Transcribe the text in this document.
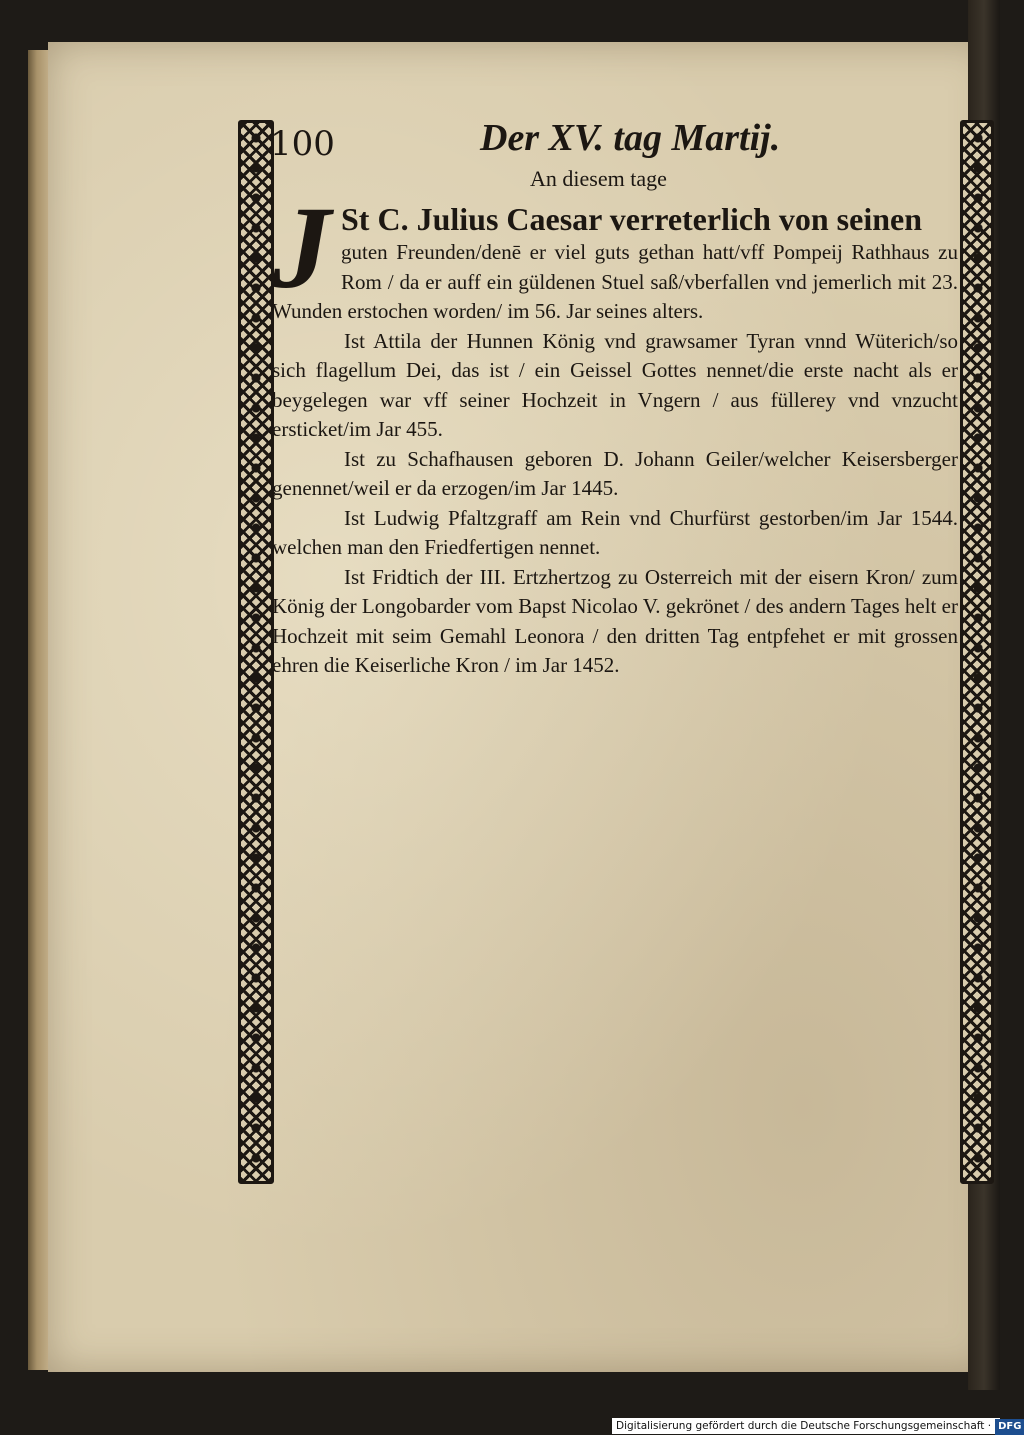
100	Der XV. tag Martij.
An diesem tage
J St C. Julius Caesar verreterlich von seinen

guten Freunden/denē er viel guts gethan hatt/vff Pompeij Rathhaus zu Rom / da er auff ein güldenen Stuel saß/vberfallen vnd jemerlich mit 23. Wunden erstochen worden/ im 56. Jar seines alters.

Ist Attila der Hunnen König vnd grawsamer Tyran vnnd Wüterich/so sich flagellum Dei, das ist / ein Geissel Gottes nennet/die erste nacht als er beygelegen war vff seiner Hochzeit in Vngern / aus füllerey vnd vnzucht ersticket/im Jar 455.

Ist zu Schafhausen geboren D. Johann Geiler/welcher Keisersberger genennet/weil er da erzogen/im Jar 1445.

Ist Ludwig Pfaltzgraff am Rein vnd Churfürst gestorben/im Jar 1544. welchen man den Friedfertigen nennet.

Ist Fridtich der III. Ertzhertzog zu Osterreich mit der eisern Kron/ zum König der Longobarder vom Bapst Nicolao V. gekrönet / des andern Tages helt er Hochzeit mit seim Gemahl Leonora / den dritten Tag entpfehet er mit grossen ehren die Keiserliche Kron / im Jar 1452.

Digitalisierung gefördert durch die Deutsche Forschungsgemeinschaft · DFG
